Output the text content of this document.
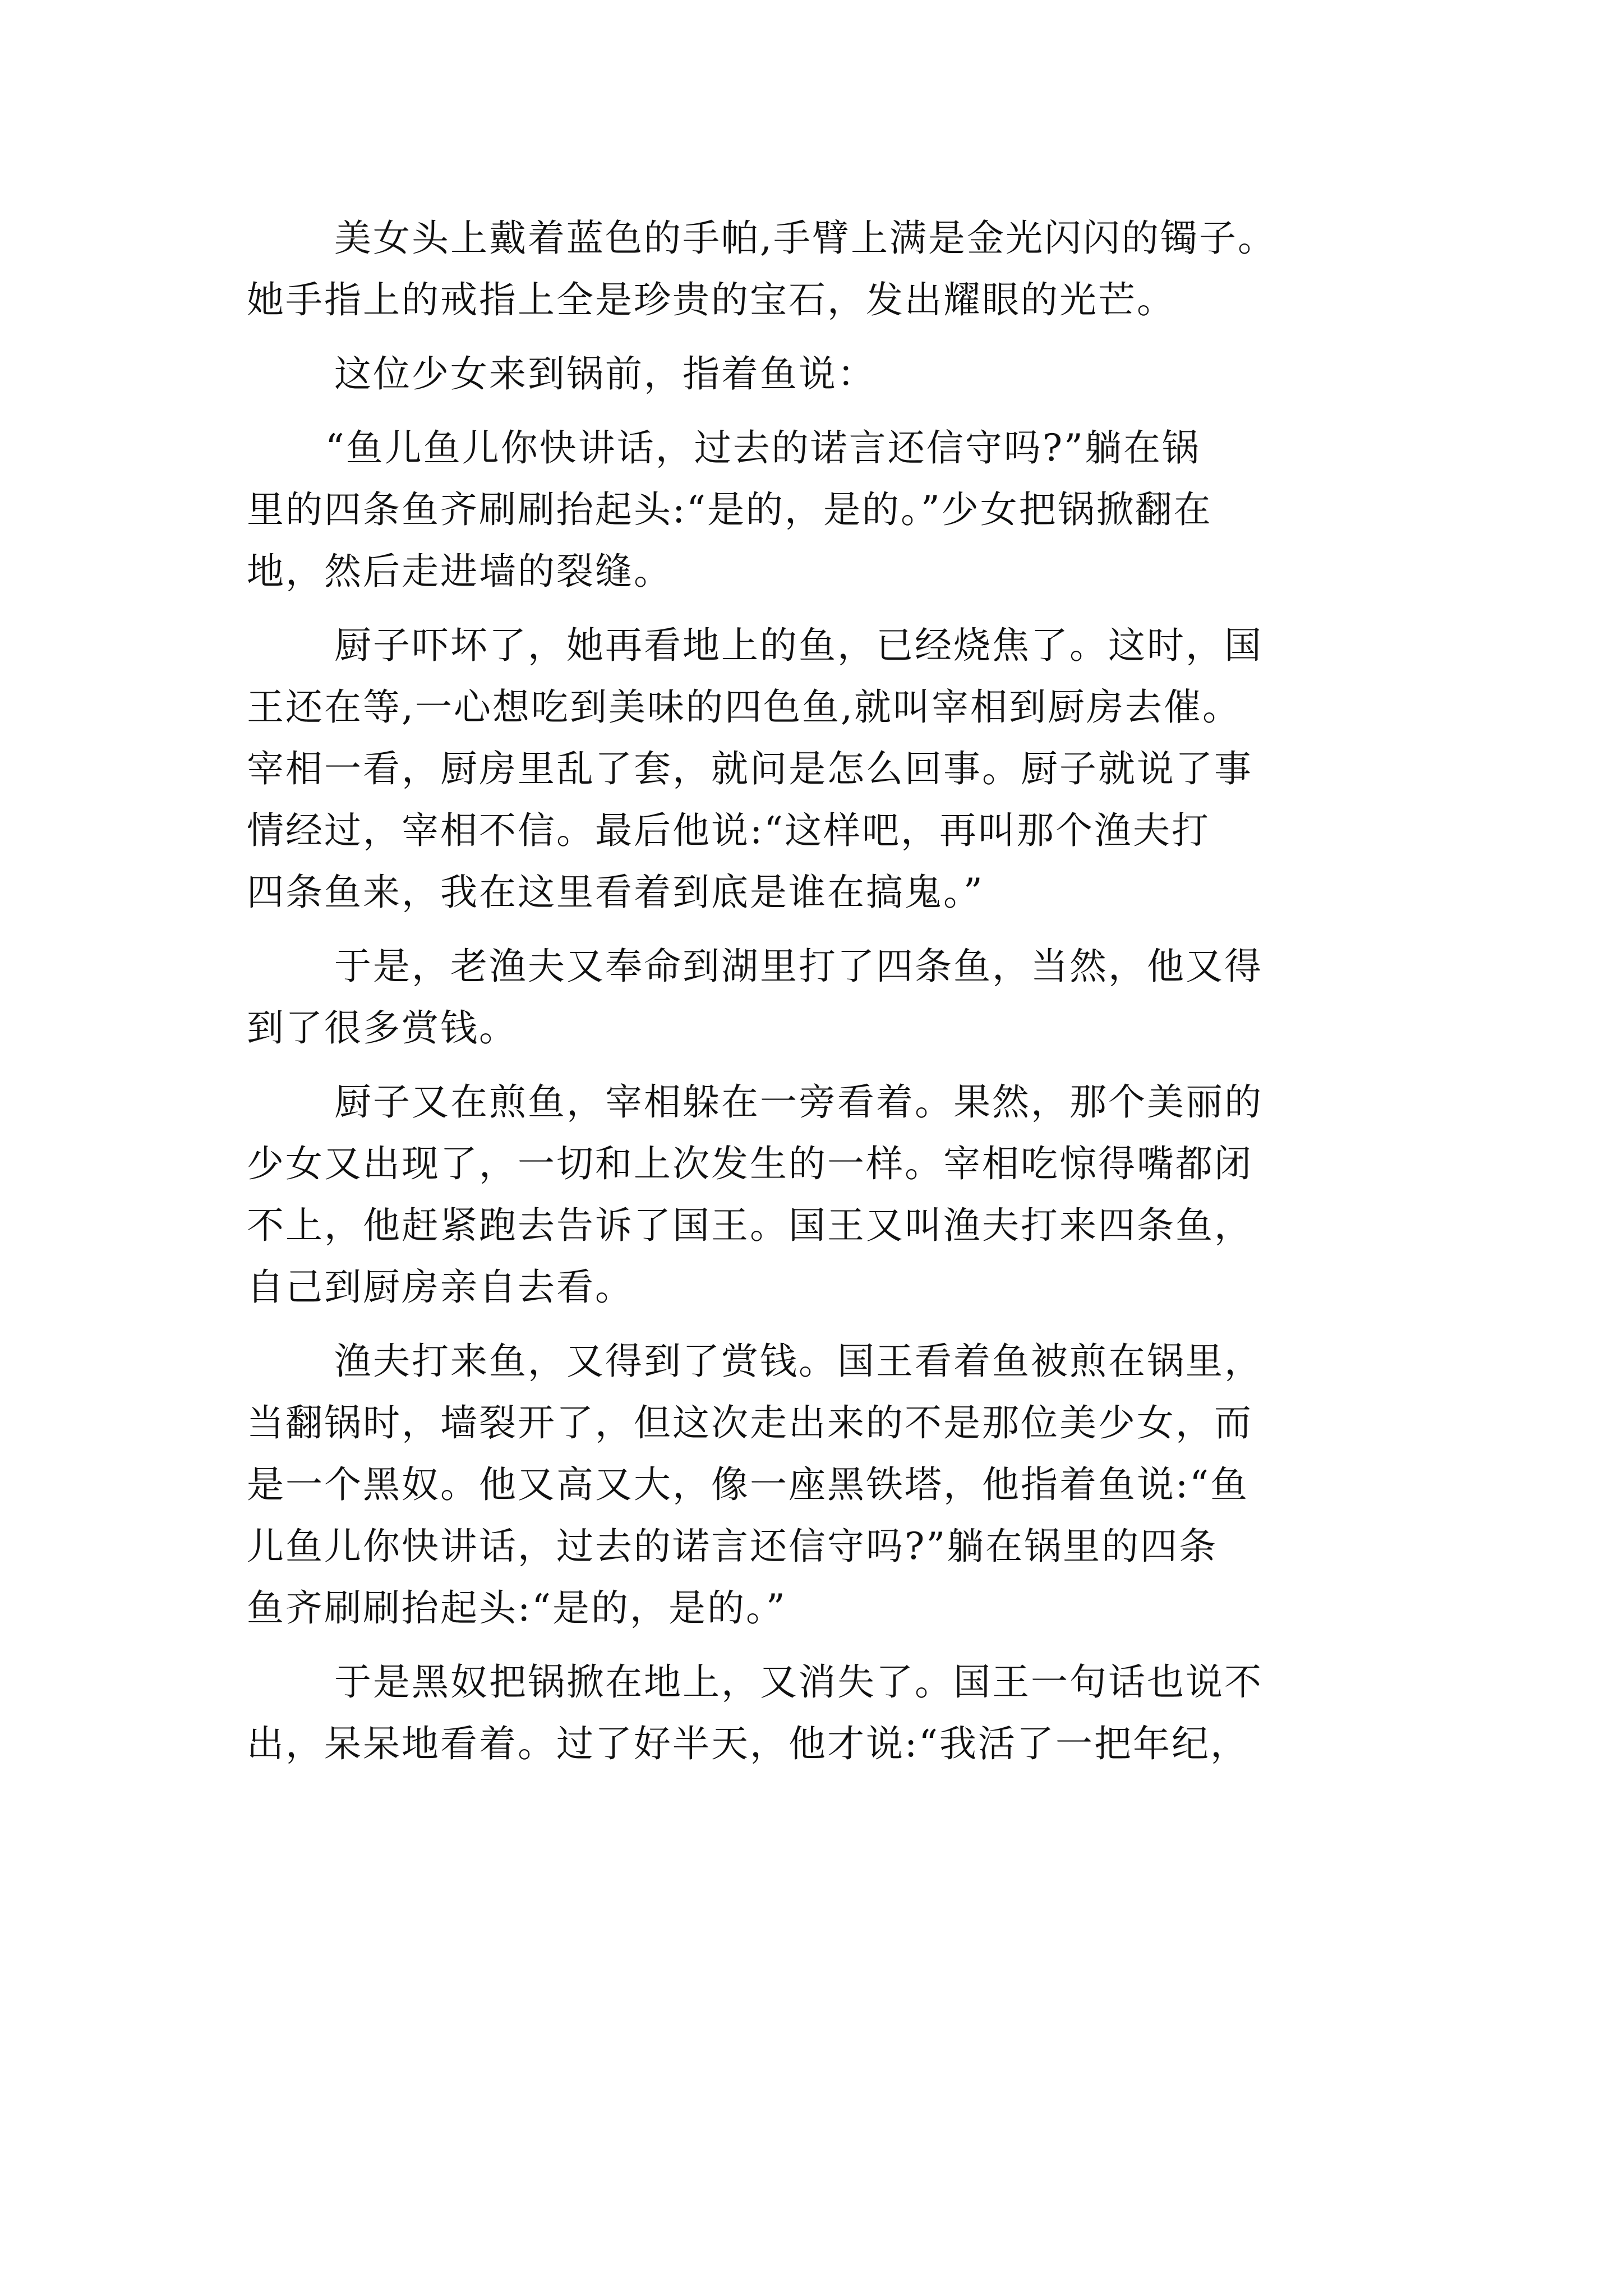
美女头上戴着蓝色的手帕,手臂上满是金光闪闪的镯子。
她手指上的戒指上全是珍贵的宝石，发出耀眼的光芒。
这位少女来到锅前，指着鱼说：
“鱼儿鱼儿你快讲话，过去的诺言还信守吗?”躺在锅
里的四条鱼齐刷刷抬起头:“是的，是的。”少女把锅掀翻在
地，然后走进墙的裂缝。
厨子吓坏了，她再看地上的鱼，已经烧焦了。这时，国
王还在等,一心想吃到美味的四色鱼,就叫宰相到厨房去催。
宰相一看，厨房里乱了套，就问是怎么回事。厨子就说了事
情经过，宰相不信。最后他说:“这样吧，再叫那个渔夫打
四条鱼来，我在这里看着到底是谁在搞鬼。”
于是，老渔夫又奉命到湖里打了四条鱼，当然，他又得
到了很多赏钱。
厨子又在煎鱼，宰相躲在一旁看着。果然，那个美丽的
少女又出现了，一切和上次发生的一样。宰相吃惊得嘴都闭
不上，他赶紧跑去告诉了国王。国王又叫渔夫打来四条鱼，
自己到厨房亲自去看。
渔夫打来鱼，又得到了赏钱。国王看着鱼被煎在锅里，
当翻锅时，墙裂开了，但这次走出来的不是那位美少女，而
是一个黑奴。他又高又大，像一座黑铁塔，他指着鱼说:“鱼
儿鱼儿你快讲话，过去的诺言还信守吗?”躺在锅里的四条
鱼齐刷刷抬起头:“是的，是的。”
于是黑奴把锅掀在地上，又消失了。国王一句话也说不
出，呆呆地看着。过了好半天，他才说:“我活了一把年纪，
